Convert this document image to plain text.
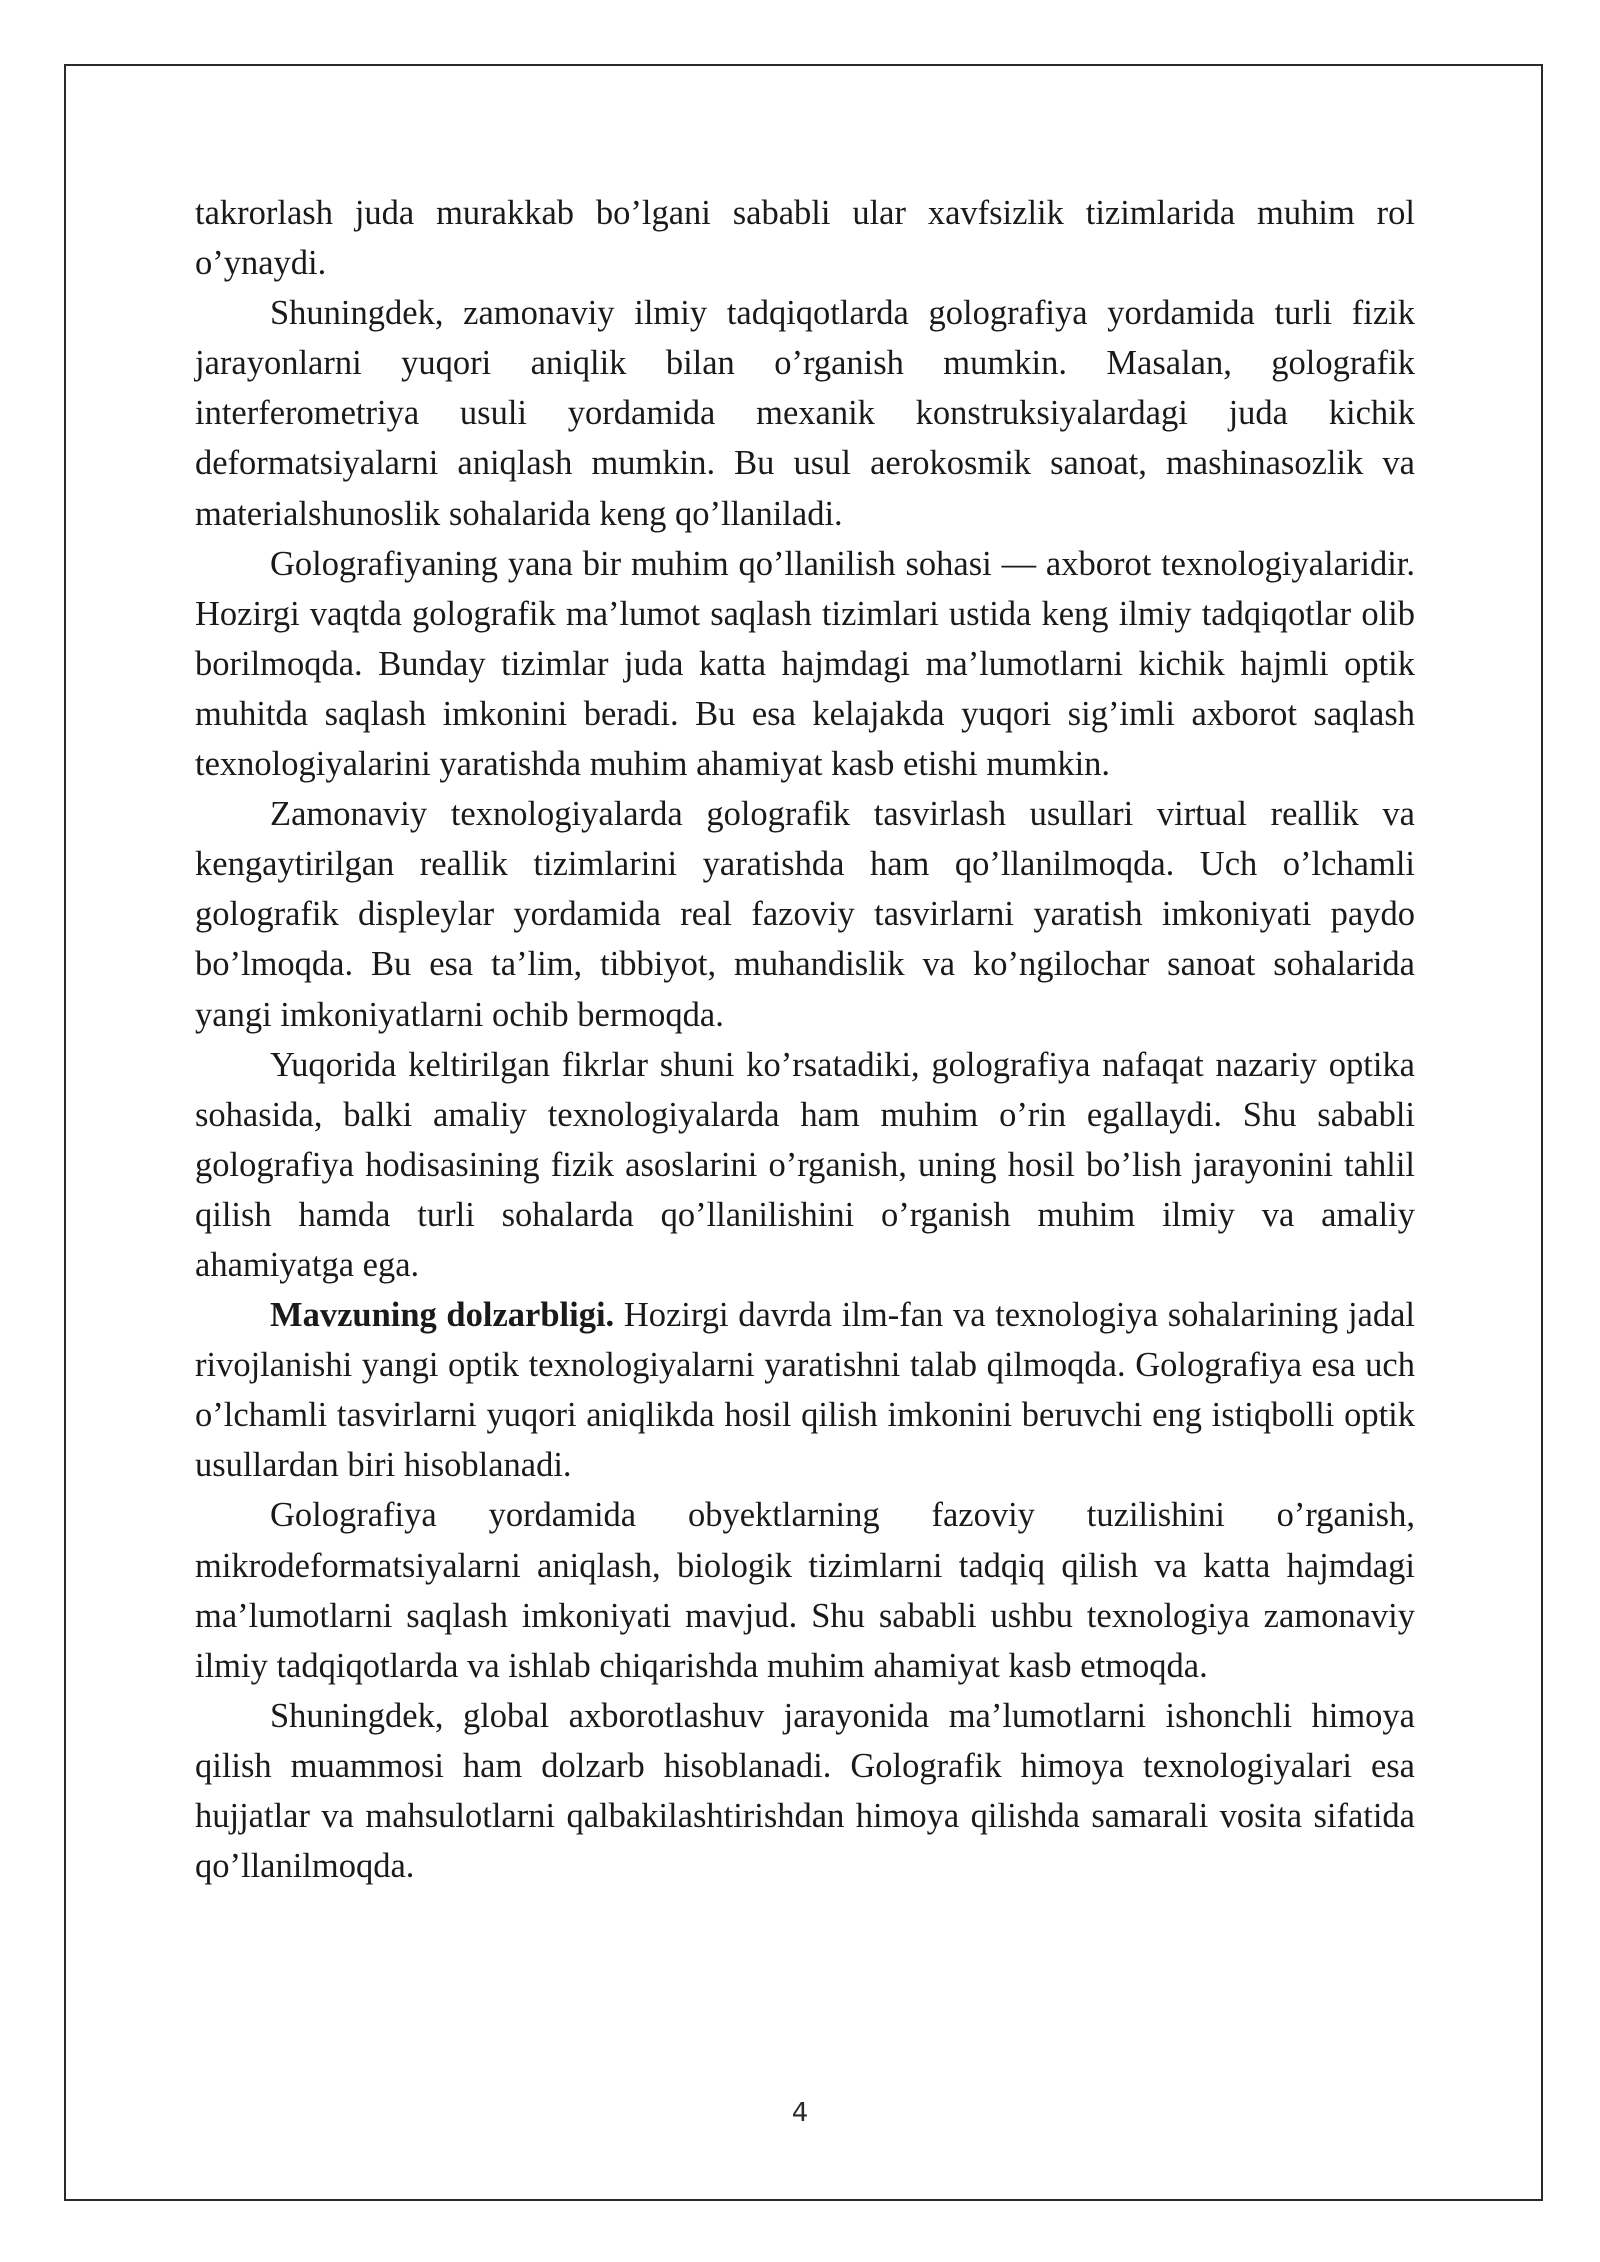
takrorlash juda murakkab bo’lgani sababli ular xavfsizlik tizimlarida muhim rol o’ynaydi.

Shuningdek, zamonaviy ilmiy tadqiqotlarda golografiya yordamida turli fizik jarayonlarni yuqori aniqlik bilan o’rganish mumkin. Masalan, golografik interferometriya usuli yordamida mexanik konstruksiyalardagi juda kichik deformatsiyalarni aniqlash mumkin. Bu usul aerokosmik sanoat, mashinasozlik va materialshunoslik sohalarida keng qo’llaniladi.

Golografiyaning yana bir muhim qo’llanilish sohasi — axborot texnologiyalaridir. Hozirgi vaqtda golografik ma’lumot saqlash tizimlari ustida keng ilmiy tadqiqotlar olib borilmoqda. Bunday tizimlar juda katta hajmdagi ma’lumotlarni kichik hajmli optik muhitda saqlash imkonini beradi. Bu esa kelajakda yuqori sig’imli axborot saqlash texnologiyalarini yaratishda muhim ahamiyat kasb etishi mumkin.

Zamonaviy texnologiyalarda golografik tasvirlash usullari virtual reallik va kengaytirilgan reallik tizimlarini yaratishda ham qo’llanilmoqda. Uch o’lchamli golografik displeylar yordamida real fazoviy tasvirlarni yaratish imkoniyati paydo bo’lmoqda. Bu esa ta’lim, tibbiyot, muhandislik va ko’ngilochar sanoat sohalarida yangi imkoniyatlarni ochib bermoqda.

Yuqorida keltirilgan fikrlar shuni ko’rsatadiki, golografiya nafaqat nazariy optika sohasida, balki amaliy texnologiyalarda ham muhim o’rin egallaydi. Shu sababli golografiya hodisasining fizik asoslarini o’rganish, uning hosil bo’lish jarayonini tahlil qilish hamda turli sohalarda qo’llanilishini o’rganish muhim ilmiy va amaliy ahamiyatga ega.

Mavzuning dolzarbligi. Hozirgi davrda ilm-fan va texnologiya sohalarining jadal rivojlanishi yangi optik texnologiyalarni yaratishni talab qilmoqda. Golografiya esa uch o’lchamli tasvirlarni yuqori aniqlikda hosil qilish imkonini beruvchi eng istiqbolli optik usullardan biri hisoblanadi.

Golografiya yordamida obyektlarning fazoviy tuzilishini o’rganish, mikrodeformatsiyalarni aniqlash, biologik tizimlarni tadqiq qilish va katta hajmdagi ma’lumotlarni saqlash imkoniyati mavjud. Shu sababli ushbu texnologiya zamonaviy ilmiy tadqiqotlarda va ishlab chiqarishda muhim ahamiyat kasb etmoqda.

Shuningdek, global axborotlashuv jarayonida ma’lumotlarni ishonchli himoya qilish muammosi ham dolzarb hisoblanadi. Golografik himoya texnologiyalari esa hujjatlar va mahsulotlarni qalbakilashtirishdan himoya qilishda samarali vosita sifatida qo’llanilmoqda.

4
